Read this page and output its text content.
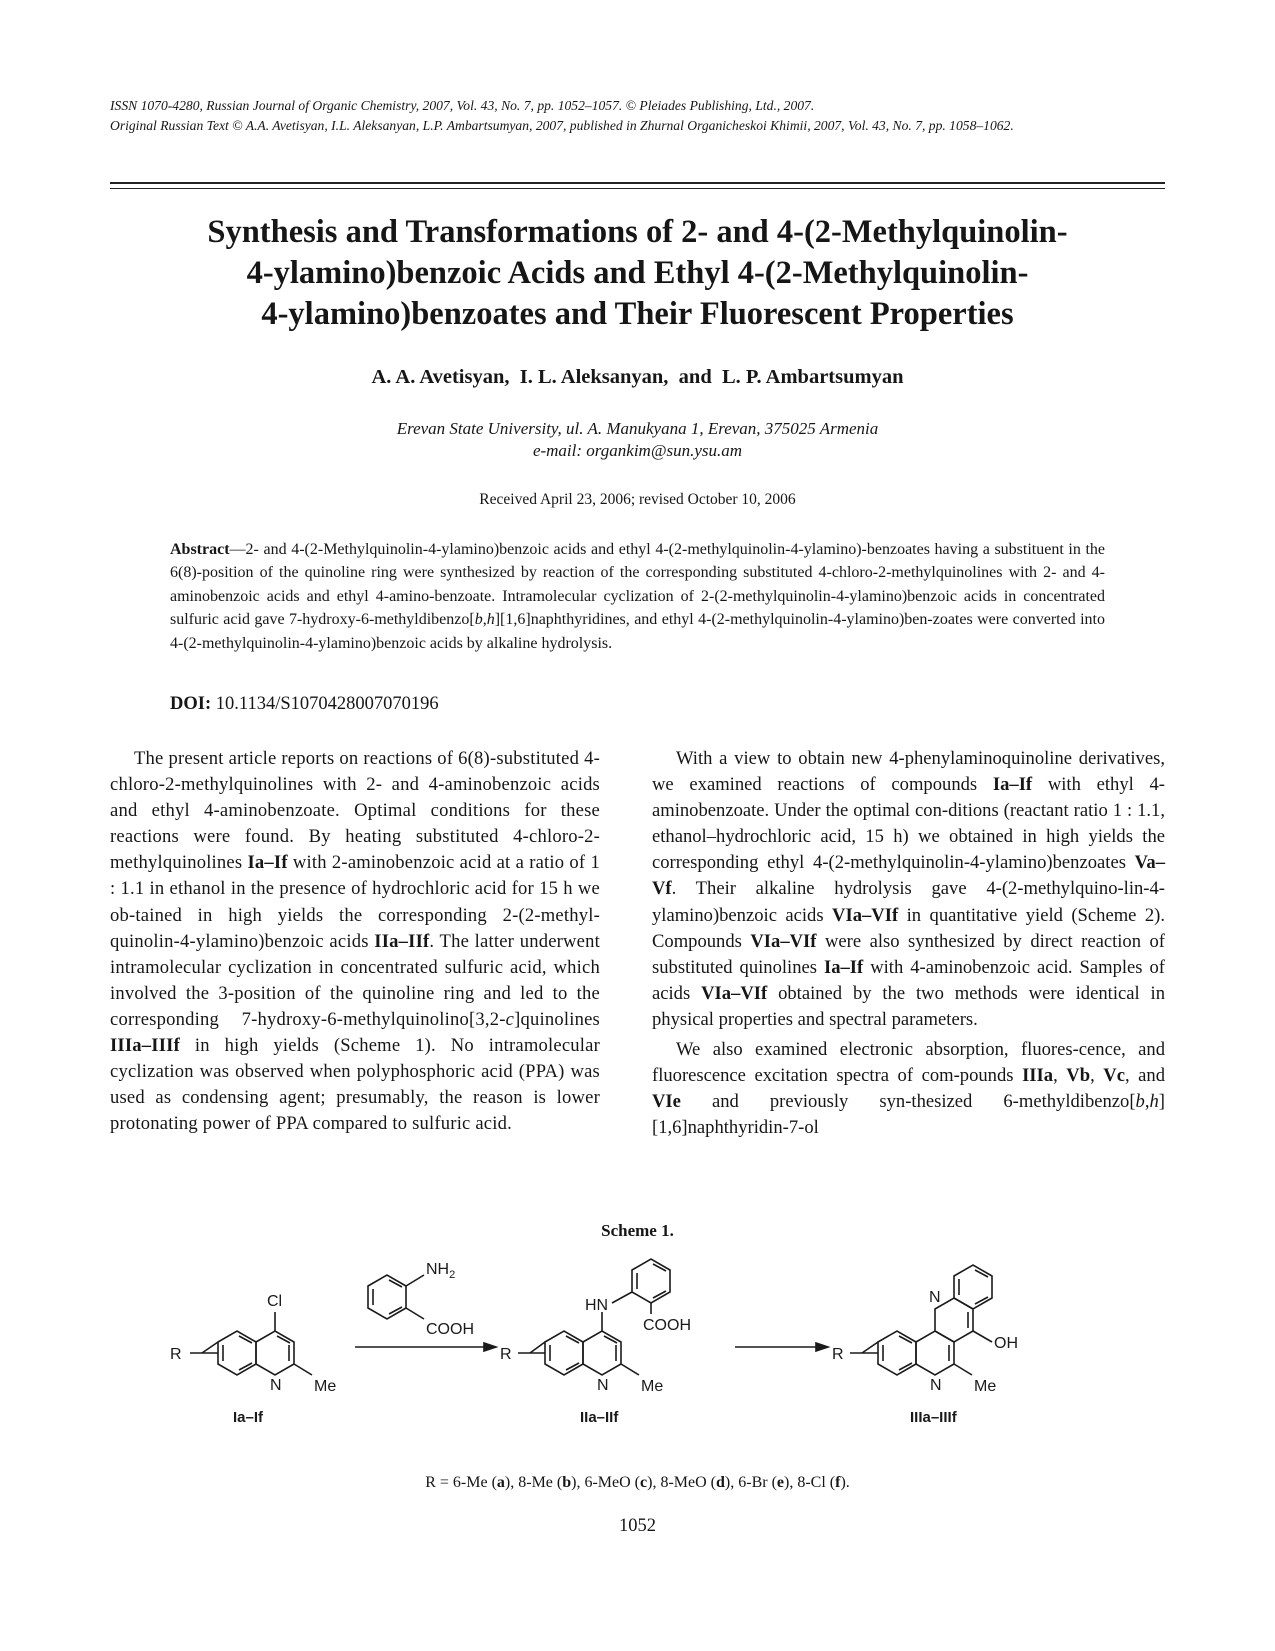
ISSN 1070-4280, Russian Journal of Organic Chemistry, 2007, Vol. 43, No. 7, pp. 1052–1057. © Pleiades Publishing, Ltd., 2007.
Original Russian Text © A.A. Avetisyan, I.L. Aleksanyan, L.P. Ambartsumyan, 2007, published in Zhurnal Organicheskoi Khimii, 2007, Vol. 43, No. 7, pp. 1058–1062.
Synthesis and Transformations of 2- and 4-(2-Methylquinolin-
4-ylamino)benzoic Acids and Ethyl 4-(2-Methylquinolin-
4-ylamino)benzoates and Their Fluorescent Properties
A. A. Avetisyan,  I. L. Aleksanyan,  and  L. P. Ambartsumyan
Erevan State University, ul. A. Manukyana 1, Erevan, 375025 Armenia
e-mail: organkim@sun.ysu.am
Received April 23, 2006; revised October 10, 2006
Abstract—2- and 4-(2-Methylquinolin-4-ylamino)benzoic acids and ethyl 4-(2-methylquinolin-4-ylamino)-benzoates having a substituent in the 6(8)-position of the quinoline ring were synthesized by reaction of the corresponding substituted 4-chloro-2-methylquinolines with 2- and 4-aminobenzoic acids and ethyl 4-amino-benzoate. Intramolecular cyclization of 2-(2-methylquinolin-4-ylamino)benzoic acids in concentrated sulfuric acid gave 7-hydroxy-6-methyldibenzo[b,h][1,6]naphthyridines, and ethyl 4-(2-methylquinolin-4-ylamino)ben-zoates were converted into 4-(2-methylquinolin-4-ylamino)benzoic acids by alkaline hydrolysis.
DOI: 10.1134/S1070428007070196

The present article reports on reactions of 6(8)-substituted 4-chloro-2-methylquinolines with 2- and 4-aminobenzoic acids and ethyl 4-aminobenzoate. Optimal conditions for these reactions were found. By heating substituted 4-chloro-2-methylquinolines Ia–If with 2-aminobenzoic acid at a ratio of 1 : 1.1 in ethanol in the presence of hydrochloric acid for 15 h we ob-tained in high yields the corresponding 2-(2-methyl-quinolin-4-ylamino)benzoic acids IIa–IIf. The latter underwent intramolecular cyclization in concentrated sulfuric acid, which involved the 3-position of the quinoline ring and led to the corresponding 7-hydroxy-6-methylquinolino[3,2-c]quinolines IIIa–IIIf in high yields (Scheme 1). No intramolecular cyclization was observed when polyphosphoric acid (PPA) was used as condensing agent; presumably, the reason is lower protonating power of PPA compared to sulfuric acid.

With a view to obtain new 4-phenylaminoquinoline derivatives, we examined reactions of compounds Ia–If with ethyl 4-aminobenzoate. Under the optimal con-ditions (reactant ratio 1 : 1.1, ethanol–hydrochloric acid, 15 h) we obtained in high yields the corresponding ethyl 4-(2-methylquinolin-4-ylamino)benzoates Va–Vf. Their alkaline hydrolysis gave 4-(2-methylquino-lin-4-ylamino)benzoic acids VIa–VIf in quantitative yield (Scheme 2). Compounds VIa–VIf were also synthesized by direct reaction of substituted quinolines Ia–If with 4-aminobenzoic acid. Samples of acids VIa–VIf obtained by the two methods were identical in physical properties and spectral parameters.

We also examined electronic absorption, fluores-cence, and fluorescence excitation spectra of com-pounds IIIa, Vb, Vc, and VIe and previously syn-thesized 6-methyldibenzo[b,h][1,6]naphthyridin-7-ol

Scheme 1.
Cl
R
N Me
Ia–If
$NH_2$
COOH
HN
COOH
R
N Me
IIa–IIf
N
OH
R
N Me
IIIa–IIIf
R = 6-Me (a), 8-Me (b), 6-MeO (c), 8-MeO (d), 6-Br (e), 8-Cl (f).
1052
